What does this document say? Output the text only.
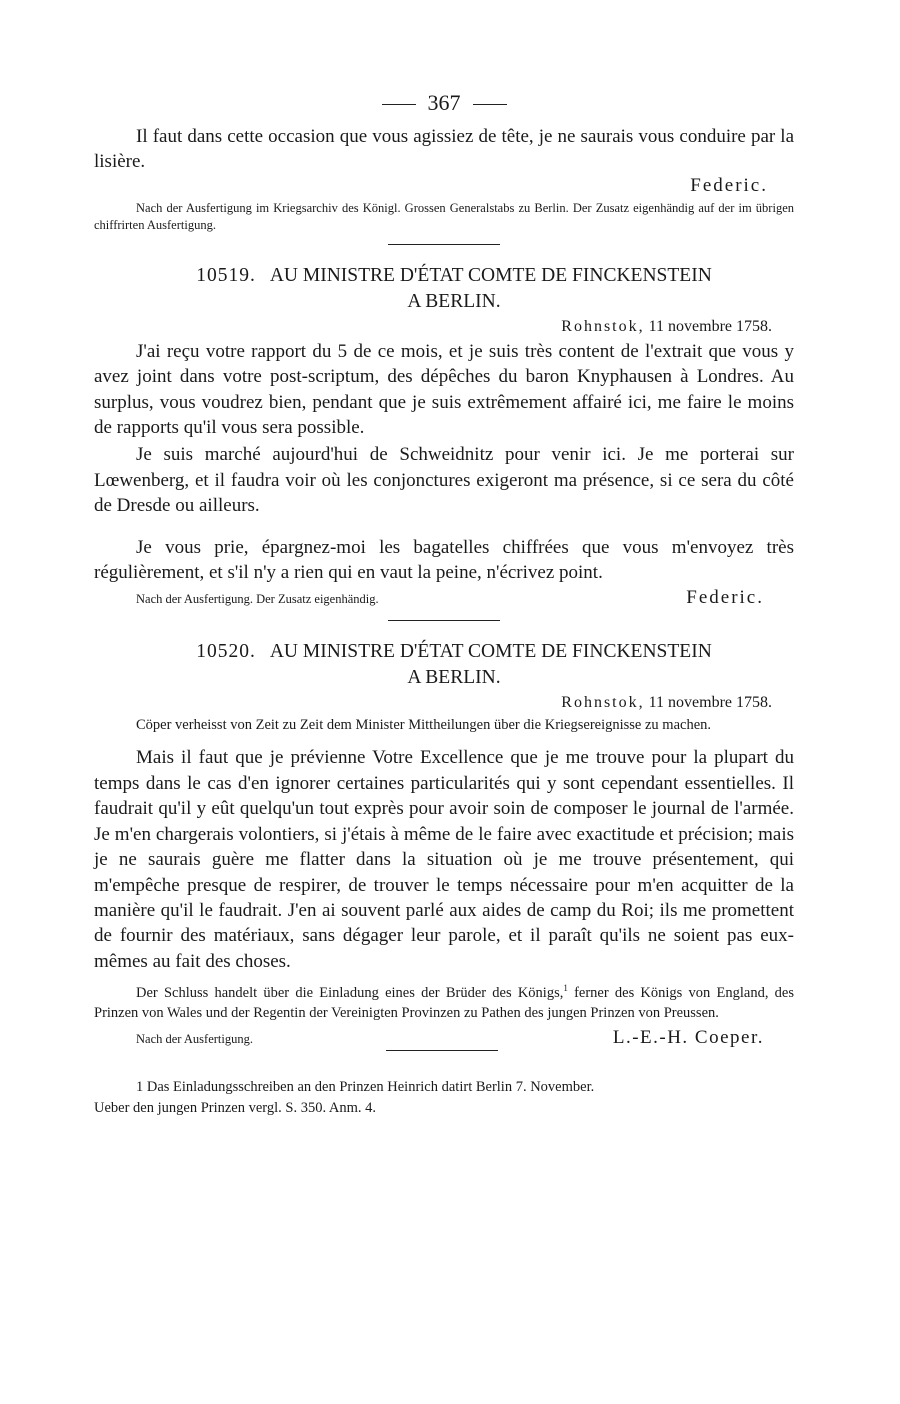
367

Il faut dans cette occasion que vous agissiez de tête, je ne saurais vous conduire par la lisière.

Federic.

Nach der Ausfertigung im Kriegsarchiv des Königl. Grossen Generalstabs zu Berlin. Der Zusatz eigenhändig auf der im übrigen chiffrirten Ausfertigung.

10519. AU MINISTRE D'ÉTAT COMTE DE FINCKENSTEIN
A BERLIN.
Rohnstok, 11 novembre 1758.

J'ai reçu votre rapport du 5 de ce mois, et je suis très content de l'extrait que vous y avez joint dans votre post-scriptum, des dépêches du baron Knyphausen à Londres. Au surplus, vous voudrez bien, pendant que je suis extrêmement affairé ici, me faire le moins de rapports qu'il vous sera possible.

Je suis marché aujourd'hui de Schweidnitz pour venir ici. Je me porterai sur Lœwenberg, et il faudra voir où les conjonctures exigeront ma présence, si ce sera du côté de Dresde ou ailleurs.

Je vous prie, épargnez-moi les bagatelles chiffrées que vous m'envoyez très régulièrement, et s'il n'y a rien qui en vaut la peine, n'écrivez point.

Nach der Ausfertigung. Der Zusatz eigenhändig.	Federic.
10520. AU MINISTRE D'ÉTAT COMTE DE FINCKENSTEIN
A BERLIN.
Rohnstok, 11 novembre 1758.

Cöper verheisst von Zeit zu Zeit dem Minister Mittheilungen über die Kriegsereignisse zu machen.

Mais il faut que je prévienne Votre Excellence que je me trouve pour la plupart du temps dans le cas d'en ignorer certaines particularités qui y sont cependant essentielles. Il faudrait qu'il y eût quelqu'un tout exprès pour avoir soin de composer le journal de l'armée. Je m'en chargerais volontiers, si j'étais à même de le faire avec exactitude et précision; mais je ne saurais guère me flatter dans la situation où je me trouve présentement, qui m'empêche presque de respirer, de trouver le temps nécessaire pour m'en acquitter de la manière qu'il le faudrait. J'en ai souvent parlé aux aides de camp du Roi; ils me promettent de fournir des matériaux, sans dégager leur parole, et il paraît qu'ils ne soient pas eux-mêmes au fait des choses.

Der Schluss handelt über die Einladung eines der Brüder des Königs,$^1$ ferner des Königs von England, des Prinzen von Wales und der Regentin der Vereinigten Provinzen zu Pathen des jungen Prinzen von Preussen.

Nach der Ausfertigung.	L.-E.-H. Coeper.

1 Das Einladungsschreiben an den Prinzen Heinrich datirt Berlin 7. November.

Ueber den jungen Prinzen vergl. S. 350. Anm. 4.
